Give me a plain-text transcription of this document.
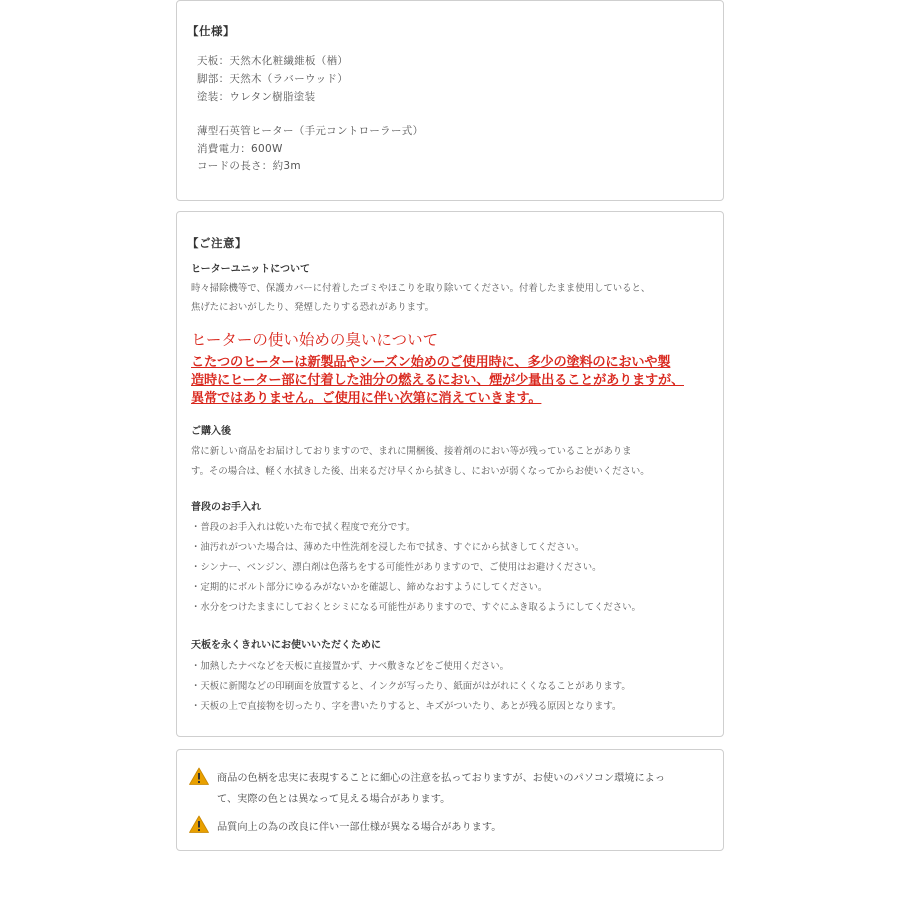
【仕様】
天板：天然木化粧繊維板（楢）
脚部：天然木（ラバーウッド）
塗装：ウレタン樹脂塗装
薄型石英管ヒーター（手元コントローラー式）
消費電力：600W
コードの長さ：約3m
【ご注意】
ヒーターユニットについて
時々掃除機等で、保護カバーに付着したゴミやほこりを取り除いてください。付着したまま使用していると、
焦げたにおいがしたり、発煙したりする恐れがあります。
ヒーターの使い始めの臭いについて
こたつのヒーターは新製品やシーズン始めのご使用時に、多少の塗料のにおいや製
造時にヒーター部に付着した油分の燃えるにおい、煙が少量出ることがありますが、
異常ではありません。ご使用に伴い次第に消えていきます。
ご購入後
常に新しい商品をお届けしておりますので、まれに開梱後、接着剤のにおい等が残っていることがありま
す。その場合は、軽く水拭きした後、出来るだけ早くから拭きし、においが弱くなってからお使いください。
普段のお手入れ
・普段のお手入れは乾いた布で拭く程度で充分です。
・油汚れがついた場合は、薄めた中性洗剤を浸した布で拭き、すぐにから拭きしてください。
・シンナー、ベンジン、漂白剤は色落ちをする可能性がありますので、ご使用はお避けください。
・定期的にボルト部分にゆるみがないかを確認し、締めなおすようにしてください。
・水分をつけたままにしておくとシミになる可能性がありますので、すぐにふき取るようにしてください。
天板を永くきれいにお使いいただくために
・加熱したナベなどを天板に直接置かず、ナベ敷きなどをご使用ください。
・天板に新聞などの印刷面を放置すると、インクが写ったり、紙面がはがれにくくなることがあります。
・天板の上で直接物を切ったり、字を書いたりすると、キズがついたり、あとが残る原因となります。
商品の色柄を忠実に表現することに細心の注意を払っておりますが、お使いのパソコン環境によっ
て、実際の色とは異なって見える場合があります。
品質向上の為の改良に伴い一部仕様が異なる場合があります。
